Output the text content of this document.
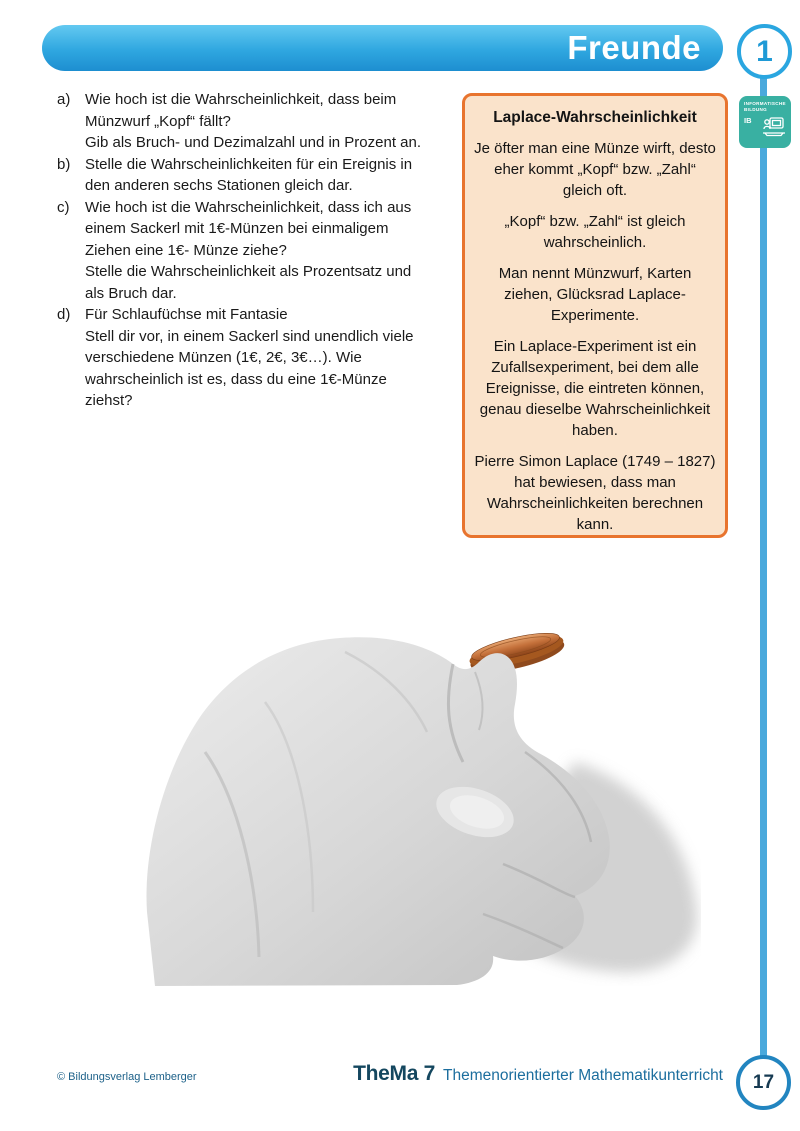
Freunde 1
INFORMATISCHE
BILDUNG
IB
a) Wie hoch ist die Wahrscheinlichkeit, dass beim
Münzwurf „Kopf“ fällt?
Gib als Bruch- und Dezimalzahl und in Prozent an.
b) Stelle die Wahrscheinlichkeiten für ein Ereignis in
den anderen sechs Stationen gleich dar.
c)	Wie hoch ist die Wahrscheinlichkeit, dass ich aus
einem Sackerl mit 1€-Münzen bei einmaligem
Ziehen eine 1€- Münze ziehe?
Stelle die Wahrscheinlichkeit als Prozentsatz und
als Bruch dar.
d) Für Schlaufüchse mit Fantasie
Stell dir vor, in einem Sackerl sind unendlich viele
verschiedene Münzen (1€, 2€, 3€…). Wie
wahrscheinlich ist es, dass du eine 1€-Münze
ziehst?
Laplace-Wahrscheinlichkeit

Je öfter man eine Münze wirft, desto eher kommt „Kopf“ bzw. „Zahl“ gleich oft.

„Kopf“ bzw. „Zahl“ ist gleich wahrscheinlich.

Man nennt Münzwurf, Karten ziehen, Glücksrad Laplace-Experimente.

Ein Laplace-Experiment ist ein Zufallsexperiment, bei dem alle Ereignisse, die eintreten können, genau dieselbe Wahrscheinlichkeit haben.

Pierre Simon Laplace (1749 – 1827) hat bewiesen, dass man Wahrscheinlichkeiten berechnen kann.

© Bildungsverlag Lemberger	TheMa 7 Themenorientierter Mathematikunterricht 17
